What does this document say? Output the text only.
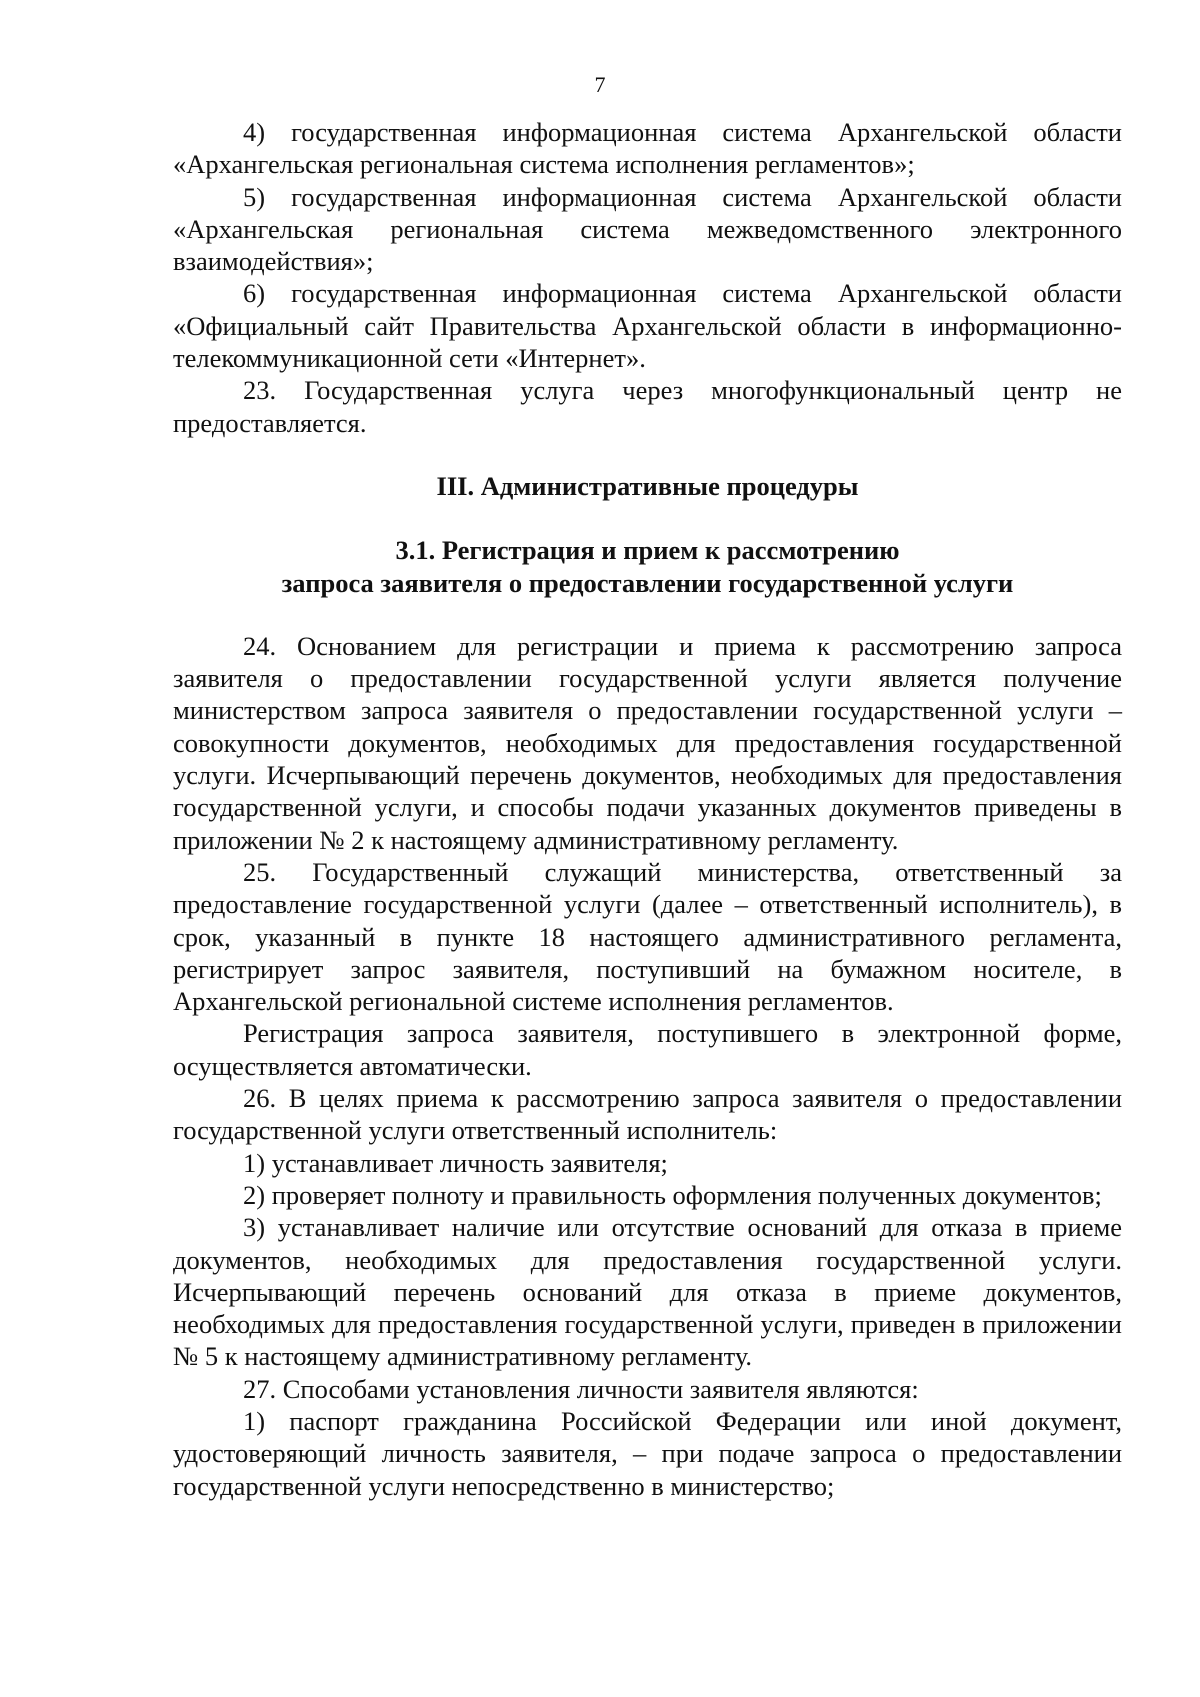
7

4) государственная информационная система Архангельской области «Архангельская региональная система исполнения регламентов»;

5) государственная информационная система Архангельской области «Архангельская региональная система межведомственного электронного взаимодействия»;

6) государственная информационная система Архангельской области «Официальный сайт Правительства Архангельской области в информационно-телекоммуникационной сети «Интернет».

23. Государственная услуга через многофункциональный центр не предоставляется.

III. Административные процедуры

3.1. Регистрация и прием к рассмотрению

запроса заявителя о предоставлении государственной услуги

24. Основанием для регистрации и приема к рассмотрению запроса заявителя о предоставлении государственной услуги является получение министерством запроса заявителя о предоставлении государственной услуги – совокупности документов, необходимых для предоставления государственной услуги. Исчерпывающий перечень документов, необходимых для предоставления государственной услуги, и способы подачи указанных документов приведены в приложении № 2 к настоящему административному регламенту.

25. Государственный служащий министерства, ответственный за предоставление государственной услуги (далее – ответственный исполнитель), в срок, указанный в пункте 18 настоящего административного регламента, регистрирует запрос заявителя, поступивший на бумажном носителе, в Архангельской региональной системе исполнения регламентов.

Регистрация запроса заявителя, поступившего в электронной форме, осуществляется автоматически.

26. В целях приема к рассмотрению запроса заявителя о предоставлении государственной услуги ответственный исполнитель:

1) устанавливает личность заявителя;

2) проверяет полноту и правильность оформления полученных документов;

3) устанавливает наличие или отсутствие оснований для отказа в приеме документов, необходимых для предоставления государственной услуги. Исчерпывающий перечень оснований для отказа в приеме документов, необходимых для предоставления государственной услуги, приведен в приложении № 5 к настоящему административному регламенту.

27. Способами установления личности заявителя являются:

1) паспорт гражданина Российской Федерации или иной документ, удостоверяющий личность заявителя, – при подаче запроса о предоставлении государственной услуги непосредственно в министерство;
